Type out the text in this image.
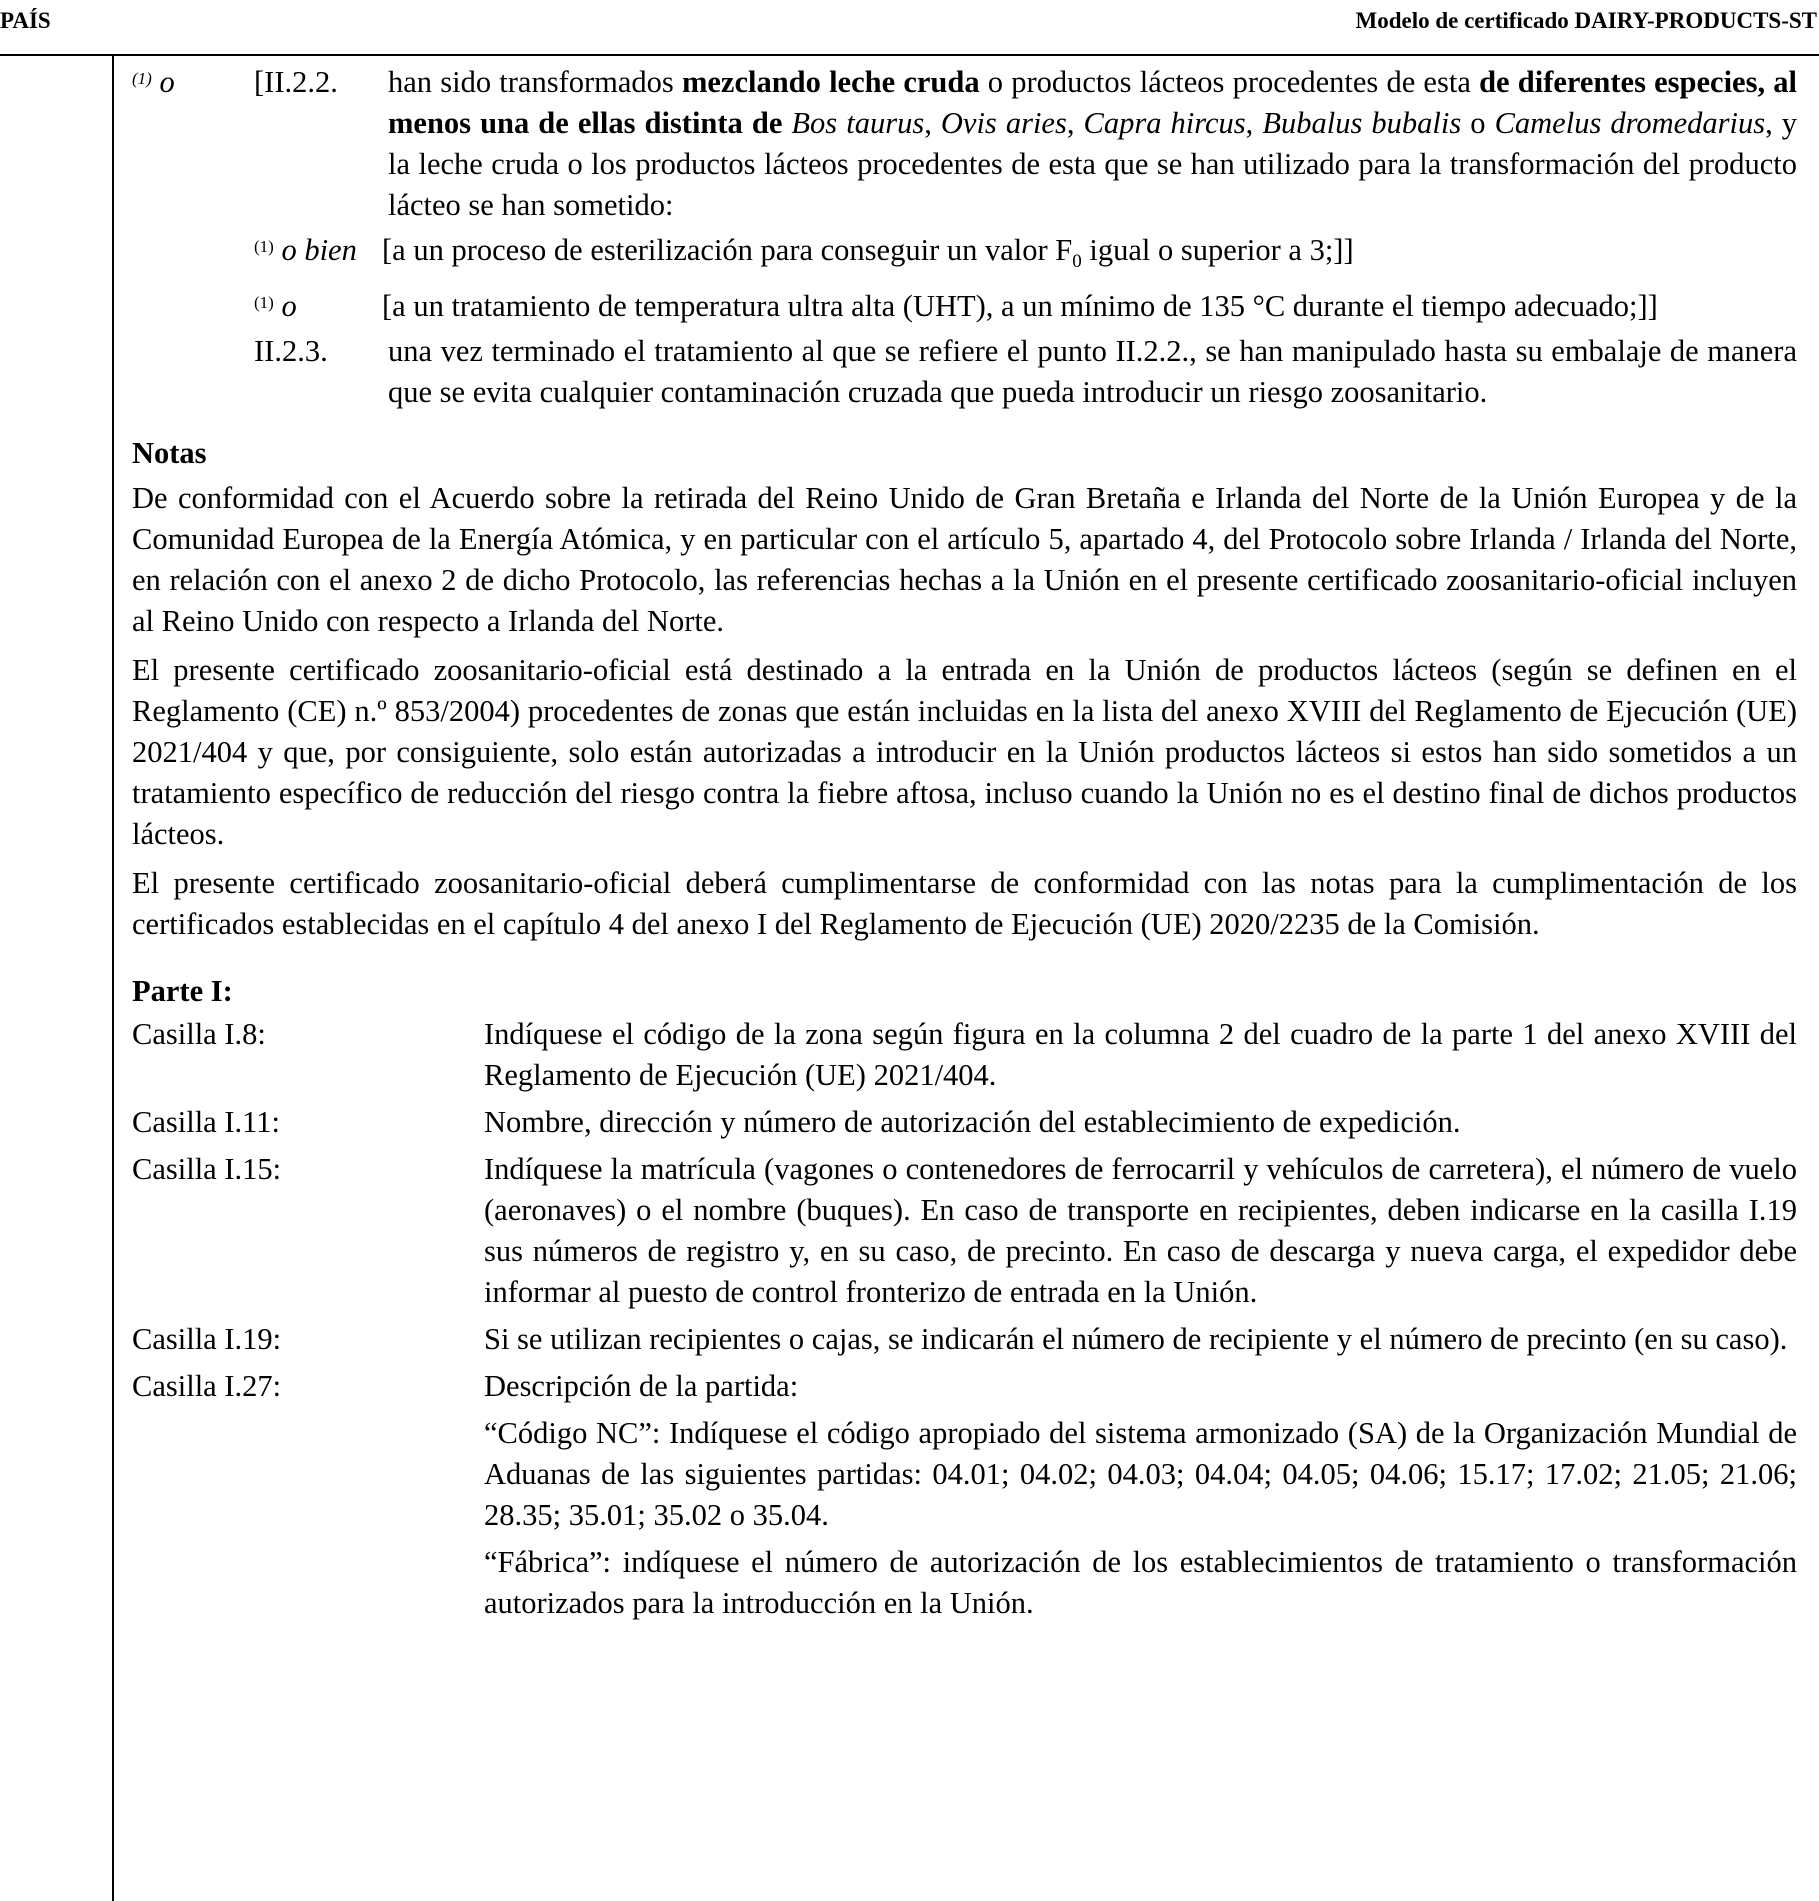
PAÍS	Modelo de certificado DAIRY-PRODUCTS-ST
$^{(1)}$ o	[II.2.2. han sido transformados mezclando leche cruda o productos lácteos procedentes de esta de diferentes especies, al menos una de ellas distinta de Bos taurus, Ovis aries, Capra hircus, Bubalus bubalis o Camelus dromedarius, y la leche cruda o los productos lácteos procedentes de esta que se han utilizado para la transformación del producto lácteo se han sometido:
$^{(1)}$ o bien [a un proceso de esterilización para conseguir un valor $F_0$ igual o superior a 3;]]
$^{(1)}$ o	[a un tratamiento de temperatura ultra alta (UHT), a un mínimo de 135 °C durante el tiempo adecuado;]]
II.2.3. una vez terminado el tratamiento al que se refiere el punto II.2.2., se han manipulado hasta su embalaje de manera que se evita cualquier contaminación cruzada que pueda introducir un riesgo zoosanitario.
Notas
De conformidad con el Acuerdo sobre la retirada del Reino Unido de Gran Bretaña e Irlanda del Norte de la Unión Europea y de la Comunidad Europea de la Energía Atómica, y en particular con el artículo 5, apartado 4, del Protocolo sobre Irlanda / Irlanda del Norte, en relación con el anexo 2 de dicho Protocolo, las referencias hechas a la Unión en el presente certificado zoosanitario-oficial incluyen al Reino Unido con respecto a Irlanda del Norte.
El presente certificado zoosanitario-oficial está destinado a la entrada en la Unión de productos lácteos (según se definen en el Reglamento (CE) n.º 853/2004) procedentes de zonas que están incluidas en la lista del anexo XVIII del Reglamento de Ejecución (UE) 2021/404 y que, por consiguiente, solo están autorizadas a introducir en la Unión productos lácteos si estos han sido sometidos a un tratamiento específico de reducción del riesgo contra la fiebre aftosa, incluso cuando la Unión no es el destino final de dichos productos lácteos.
El presente certificado zoosanitario-oficial deberá cumplimentarse de conformidad con las notas para la cumplimentación de los certificados establecidas en el capítulo 4 del anexo I del Reglamento de Ejecución (UE) 2020/2235 de la Comisión.
Parte I:
Casilla I.8:	Indíquese el código de la zona según figura en la columna 2 del cuadro de la parte 1 del anexo XVIII del Reglamento de Ejecución (UE) 2021/404.
Casilla I.11:	Nombre, dirección y número de autorización del establecimiento de expedición.
Casilla I.15:	Indíquese la matrícula (vagones o contenedores de ferrocarril y vehículos de carretera), el número de vuelo (aeronaves) o el nombre (buques). En caso de transporte en recipientes, deben indicarse en la casilla I.19 sus números de registro y, en su caso, de precinto. En caso de descarga y nueva carga, el expedidor debe informar al puesto de control fronterizo de entrada en la Unión.
Casilla I.19:	Si se utilizan recipientes o cajas, se indicarán el número de recipiente y el número de precinto (en su caso).
Casilla I.27:	Descripción de la partida:
“Código NC”: Indíquese el código apropiado del sistema armonizado (SA) de la Organización Mundial de Aduanas de las siguientes partidas: 04.01; 04.02; 04.03; 04.04; 04.05; 04.06; 15.17; 17.02; 21.05; 21.06; 28.35; 35.01; 35.02 o 35.04.
“Fábrica”: indíquese el número de autorización de los establecimientos de tratamiento o transformación autorizados para la introducción en la Unión.
